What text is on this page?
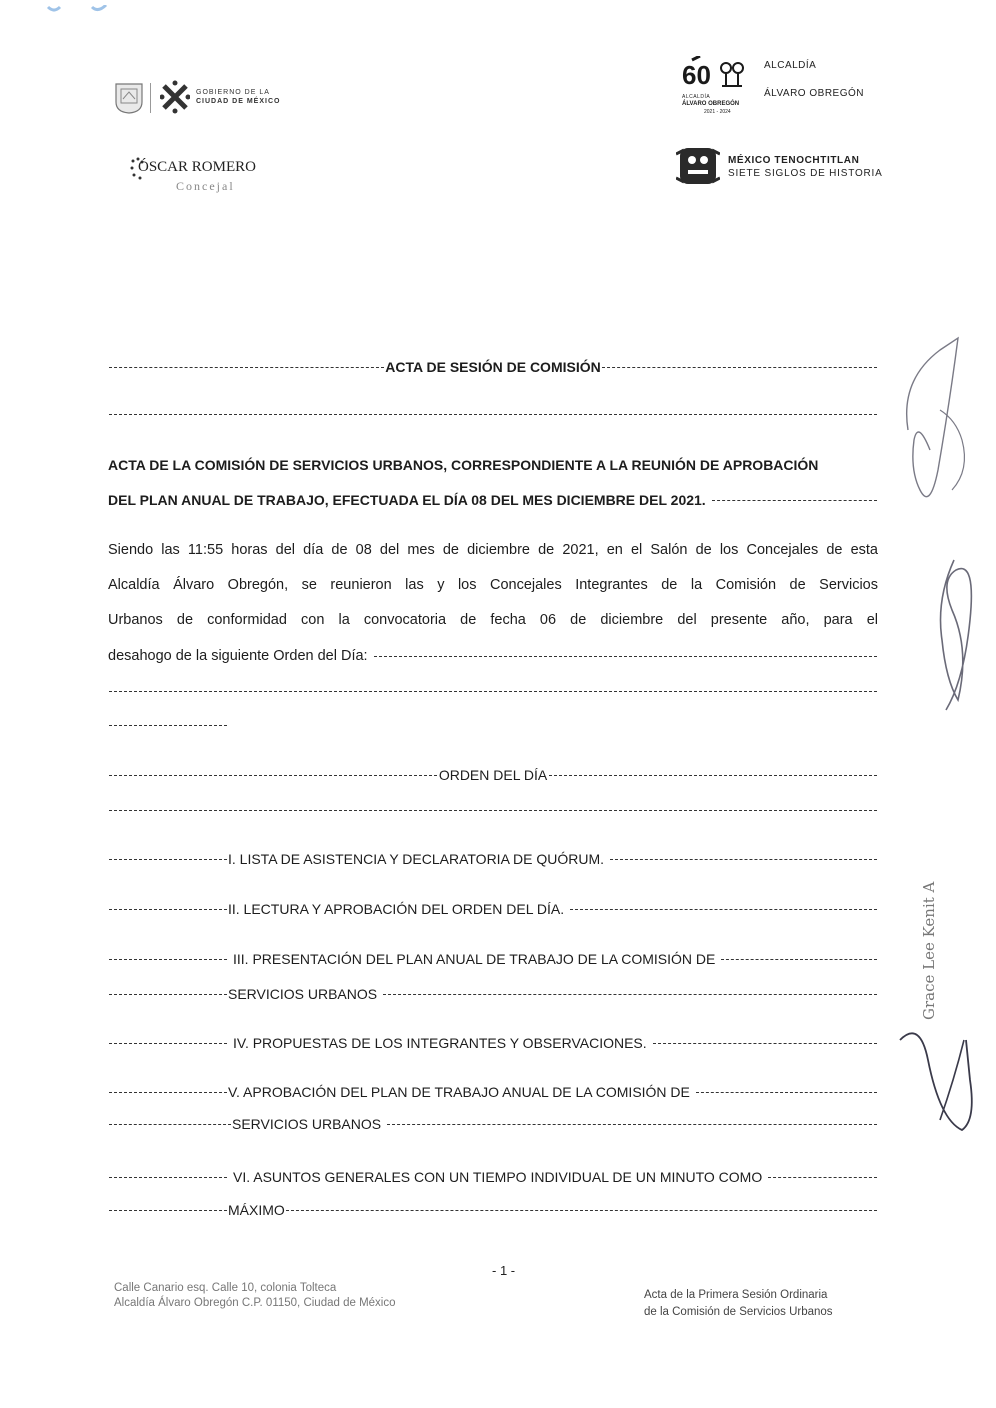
GOBIERNO DE LA
CIUDAD DE MÉXICO
ÓSCAR ROMERO
Concejal
60
ALCALDÍA
ÁLVARO OBREGÓN
2021 - 2024
ALCALDÍA
ÁLVARO OBREGÓN
MÉXICO TENOCHTITLAN
SIETE SIGLOS DE HISTORIA
ACTA DE SESIÓN DE COMISIÓN
ACTA DE LA COMISIÓN DE SERVICIOS URBANOS, CORRESPONDIENTE A LA REUNIÓN DE APROBACIÓN
DEL PLAN ANUAL DE TRABAJO, EFECTUADA EL DÍA 08 DEL MES DICIEMBRE DEL 2021.
Siendo las 11:55 horas del día de 08 del mes de diciembre de 2021, en el Salón de los Concejales de esta
Alcaldía Álvaro Obregón, se reunieron las y los Concejales Integrantes de la Comisión de Servicios
Urbanos de conformidad con la convocatoria de fecha 06 de diciembre del presente año, para el
desahogo de la siguiente Orden del Día:
ORDEN DEL DÍA
I. LISTA DE ASISTENCIA Y DECLARATORIA DE QUÓRUM.
II. LECTURA Y APROBACIÓN DEL ORDEN DEL DÍA.
III. PRESENTACIÓN DEL PLAN ANUAL DE TRABAJO DE LA COMISIÓN DE
SERVICIOS URBANOS
IV. PROPUESTAS DE LOS INTEGRANTES Y OBSERVACIONES.
V. APROBACIÓN DEL PLAN DE TRABAJO ANUAL DE LA COMISIÓN DE
SERVICIOS URBANOS
VI. ASUNTOS GENERALES CON UN TIEMPO INDIVIDUAL DE UN MINUTO COMO
MÁXIMO
Grace Lee Kenit A
- 1 -
Calle Canario esq. Calle 10, colonia Tolteca
Alcaldía Álvaro Obregón C.P. 01150, Ciudad de México
Acta de la Primera Sesión Ordinaria
de la Comisión de Servicios Urbanos
